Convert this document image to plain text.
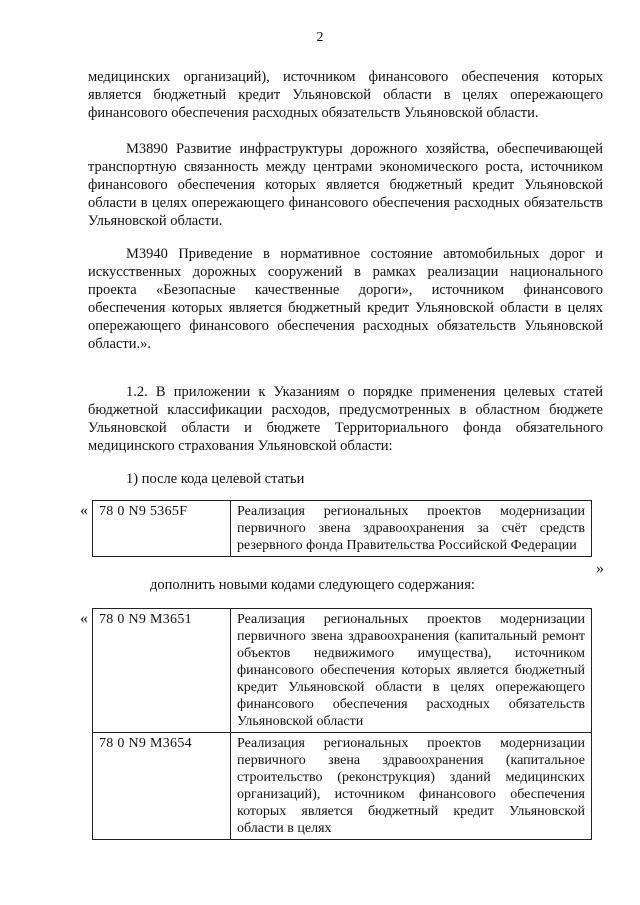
2

медицинских организаций), источником финансового обеспечения которых является бюджетный кредит Ульяновской области в целях опережающего финансового обеспечения расходных обязательств Ульяновской области.

М3890 Развитие инфраструктуры дорожного хозяйства, обеспечивающей транспортную связанность между центрами экономического роста, источником финансового обеспечения которых является бюджетный кредит Ульяновской области в целях опережающего финансового обеспечения расходных обязательств Ульяновской области.

М3940 Приведение в нормативное состояние автомобильных дорог и искусственных дорожных сооружений в рамках реализации национального проекта «Безопасные качественные дороги», источником финансового обеспечения которых является бюджетный кредит Ульяновской области в целях опережающего финансового обеспечения расходных обязательств Ульяновской области.».

1.2. В приложении к Указаниям о порядке применения целевых статей бюджетной классификации расходов, предусмотренных в областном бюджете Ульяновской области и бюджете Территориального фонда обязательного медицинского страхования Ульяновской области:

1) после кода целевой статьи

« 78 0 N9 5365F	Реализация региональных проектов модернизации первичного звена здравоохранения за счёт средств резервного фонда Правительства Российской Федерации
»

дополнить новыми кодами следующего содержания:

« 78 0 N9 М3651	Реализация региональных проектов модернизации первичного звена здравоохранения (капитальный ремонт объектов недвижимого имущества), источником финансового обеспечения которых является бюджетный кредит Ульяновской области в целях опережающего финансового обеспечения расходных обязательств Ульяновской области
78 0 N9 М3654	Реализация региональных проектов модернизации первичного звена здравоохранения (капитальное строительство (реконструкция) зданий медицинских организаций), источником финансового обеспечения которых является бюджетный кредит Ульяновской области в целях
